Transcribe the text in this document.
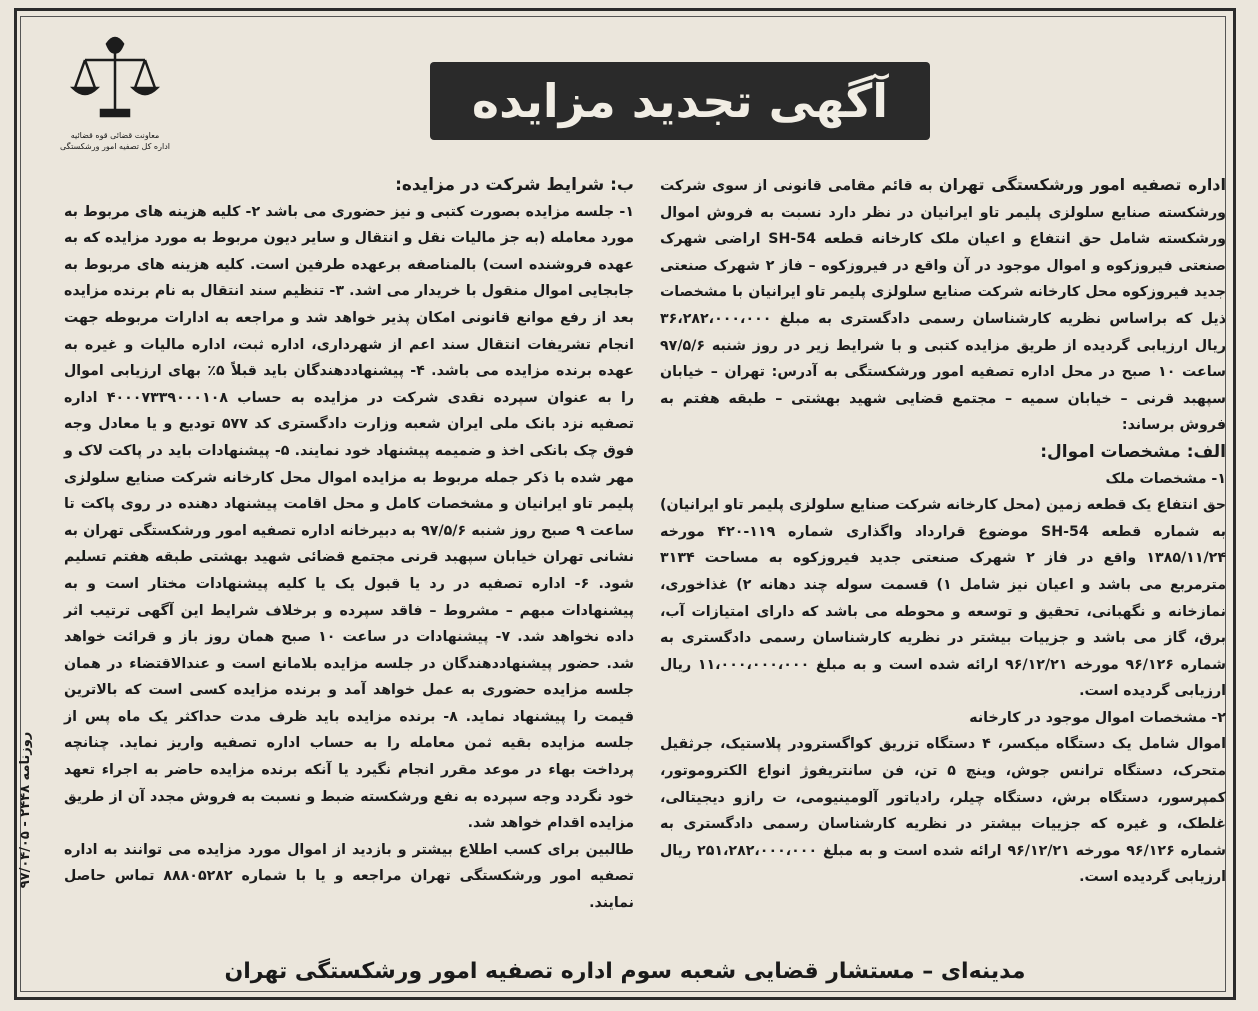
معاونت قضائی قوه قضائیه
اداره کل تصفیه امور ورشکستگی
آگهی تجدید مزایده

اداره تصفیه امور ورشکستگی تهران به قائم مقامی قانونی از سوی شرکت ورشکسته صنایع سلولزی پلیمر تاو ایرانیان در نظر دارد نسبت به فروش اموال ورشکسته شامل حق انتفاع و اعیان ملک کارخانه قطعه SH-54 اراضی شهرک صنعتی فیروزکوه و اموال موجود در آن واقع در فیروزکوه – فاز ۲ شهرک صنعتی جدید فیروزکوه محل کارخانه شرکت صنایع سلولزی پلیمر تاو ایرانیان با مشخصات ذیل که براساس نظریه کارشناسان رسمی دادگستری به مبلغ ۳۶،۲۸۲،۰۰۰،۰۰۰ ریال ارزیابی گردیده از طریق مزایده کتبی و با شرایط زیر در روز شنبه ۹۷/۵/۶ ساعت ۱۰ صبح در محل اداره تصفیه امور ورشکستگی به آدرس: تهران – خیابان سپهبد قرنی – خیابان سمیه – مجتمع قضایی شهید بهشتی – طبقه هفتم به فروش برساند:

الف: مشخصات اموال:

۱- مشخصات ملک

حق انتفاع یک قطعه زمین (محل کارخانه شرکت صنایع سلولزی پلیمر تاو ایرانیان) به شماره قطعه SH-54 موضوع قرارداد واگذاری شماره ۱۱۹-۴۲۰ مورخه ۱۳۸۵/۱۱/۲۴ واقع در فاز ۲ شهرک صنعتی جدید فیروزکوه به مساحت ۳۱۳۴ مترمربع می باشد و اعیان نیز شامل ۱) قسمت سوله چند دهانه ۲) غذاخوری، نمازخانه و نگهبانی، تحقیق و توسعه و محوطه می باشد که دارای امتیازات آب، برق، گاز می باشد و جزییات بیشتر در نظریه کارشناسان رسمی دادگستری به شماره ۹۶/۱۲۶ مورخه ۹۶/۱۲/۲۱ ارائه شده است و به مبلغ ۱۱،۰۰۰،۰۰۰،۰۰۰ ریال ارزیابی گردیده است.

۲- مشخصات اموال موجود در کارخانه

اموال شامل یک دستگاه میکسر، ۴ دستگاه تزریق کواگسترودر پلاستیک، جرثقیل متحرک، دستگاه ترانس جوش، وینچ ۵ تن، فن سانتریفوژ انواع الکتروموتور، کمپرسور، دستگاه برش، دستگاه چیلر، رادیاتور آلومینیومی، ت رازو دیجیتالی، غلطک، و غیره که جزییات بیشتر در نظریه کارشناسان رسمی دادگستری به شماره ۹۶/۱۲۶ مورخه ۹۶/۱۲/۲۱ ارائه شده است و به مبلغ ۲۵۱،۲۸۲،۰۰۰،۰۰۰ ریال ارزیابی گردیده است.

ب: شرایط شرکت در مزایده:

۱- جلسه مزایده بصورت کتبی و نیز حضوری می باشد ۲- کلیه هزینه های مربوط به مورد معامله (به جز مالیات نقل و انتقال و سایر دیون مربوط به مورد مزایده که به عهده فروشنده است) بالمناصفه برعهده طرفین است. کلیه هزینه های مربوط به جابجایی اموال منقول با خریدار می اشد. ۳- تنظیم سند انتقال به نام برنده مزایده بعد از رفع موانع قانونی امکان پذیر خواهد شد و مراجعه به ادارات مربوطه جهت انجام تشریفات انتقال سند اعم از شهرداری، اداره ثبت، اداره مالیات و غیره به عهده برنده مزایده می باشد. ۴- پیشنهاددهندگان باید قبلاً ۵٪ بهای ارزیابی اموال را به عنوان سپرده نقدی شرکت در مزایده به حساب ۴۰۰۰۷۳۳۹۰۰۰۱۰۸ اداره تصفیه نزد بانک ملی ایران شعبه وزارت دادگستری کد ۵۷۷ تودیع و یا معادل وجه فوق چک بانکی اخذ و ضمیمه پیشنهاد خود نمایند. ۵- پیشنهادات باید در پاکت لاک و مهر شده با ذکر جمله مربوط به مزایده اموال محل کارخانه شرکت صنایع سلولزی پلیمر تاو ایرانیان و مشخصات کامل و محل اقامت پیشنهاد دهنده در روی پاکت تا ساعت ۹ صبح روز شنبه ۹۷/۵/۶ به دبیرخانه اداره تصفیه امور ورشکستگی تهران به نشانی تهران خیابان سپهبد قرنی مجتمع قضائی شهید بهشتی طبقه هفتم تسلیم شود. ۶- اداره تصفیه در رد یا قبول یک یا کلیه پیشنهادات مختار است و به پیشنهادات مبهم – مشروط – فاقد سپرده و برخلاف شرایط این آگهی ترتیب اثر داده نخواهد شد. ۷- پیشنهادات در ساعت ۱۰ صبح همان روز باز و قرائت خواهد شد. حضور پیشنهاددهندگان در جلسه مزایده بلامانع است و عندالاقتضاء در همان جلسه مزایده حضوری به عمل خواهد آمد و برنده مزایده کسی است که بالاترین قیمت را پیشنهاد نماید. ۸- برنده مزایده باید ظرف مدت حداکثر یک ماه پس از جلسه مزایده بقیه ثمن معامله را به حساب اداره تصفیه واریز نماید. چنانچه پرداخت بهاء در موعد مقرر انجام نگیرد یا آنکه برنده مزایده حاضر به اجراء تعهد خود نگردد وجه سپرده به نفع ورشکسته ضبط و نسبت به فروش مجدد آن از طریق مزایده اقدام خواهد شد.

طالبین برای کسب اطلاع بیشتر و بازدید از اموال مورد مزایده می توانند به اداره تصفیه امور ورشکستگی تهران مراجعه و یا با شماره ۸۸۸۰۵۲۸۲ تماس حاصل نمایند.

روزنامه ۲۴۴۸ - ۹۷/۰۴/۰۵
مدینه‌ای – مستشار قضایی شعبه سوم اداره تصفیه امور ورشکستگی تهران
